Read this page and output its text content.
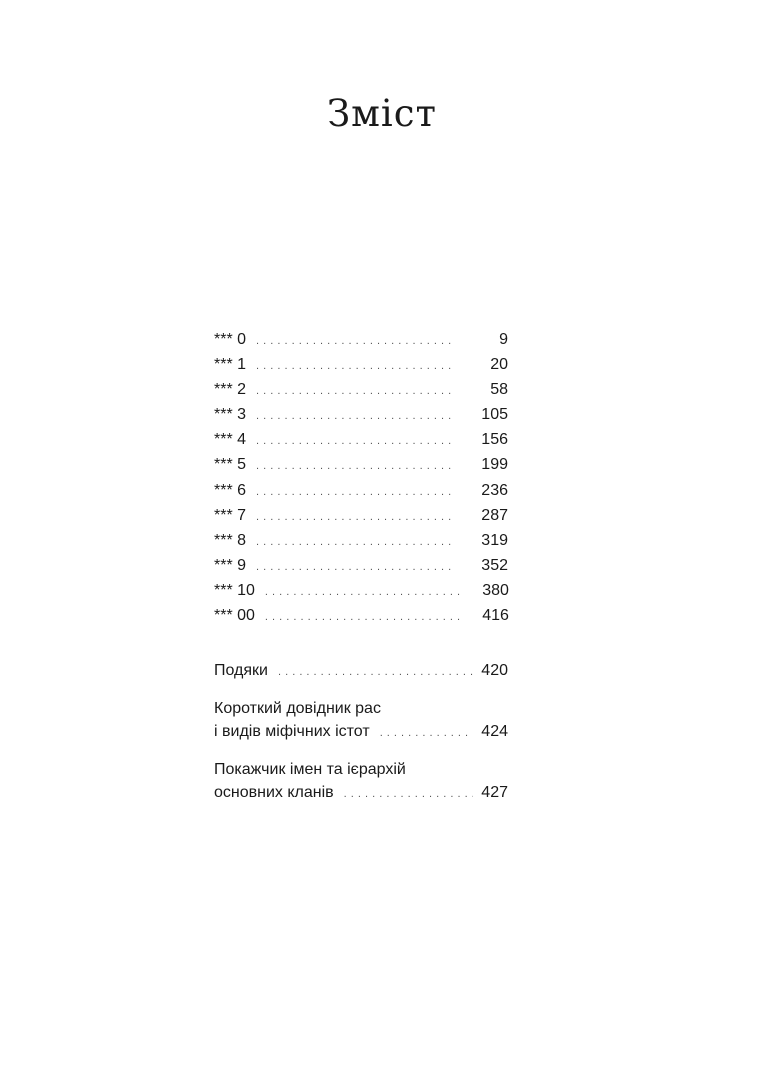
Зміст
*** 0 . . .	9
*** 1 . . .	20
*** 2 . . .	58
*** 3 . . .	105
*** 4 . . .	156
*** 5 . . .	199
*** 6 . . .	236
*** 7 . . .	287
*** 8 . . .	319
*** 9 . . .	352
*** 10 . . .	380
*** 00 . . .	416
Подяки . . .	420
Короткий довідник рас
і видів міфічних істот . . .	424
Покажчик імен та ієрархій
основних кланів . . .	427
